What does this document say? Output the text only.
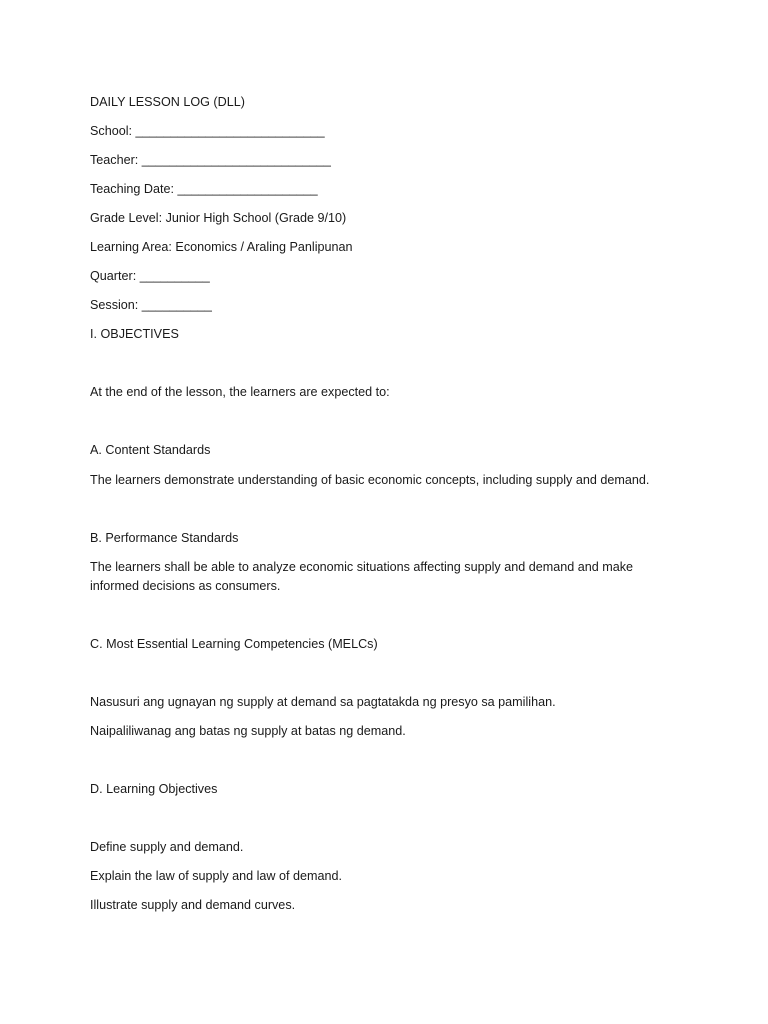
DAILY LESSON LOG (DLL)
School: ___________________________
Teacher: ___________________________
Teaching Date: ____________________
Grade Level: Junior High School (Grade 9/10)
Learning Area: Economics / Araling Panlipunan
Quarter: __________
Session: __________
I. OBJECTIVES
At the end of the lesson, the learners are expected to:
A. Content Standards
The learners demonstrate understanding of basic economic concepts, including supply and demand.
B. Performance Standards
The learners shall be able to analyze economic situations affecting supply and demand and make informed decisions as consumers.
C. Most Essential Learning Competencies (MELCs)
Nasusuri ang ugnayan ng supply at demand sa pagtatakda ng presyo sa pamilihan.
Naipaliliwanag ang batas ng supply at batas ng demand.
D. Learning Objectives
Define supply and demand.
Explain the law of supply and law of demand.
Illustrate supply and demand curves.
